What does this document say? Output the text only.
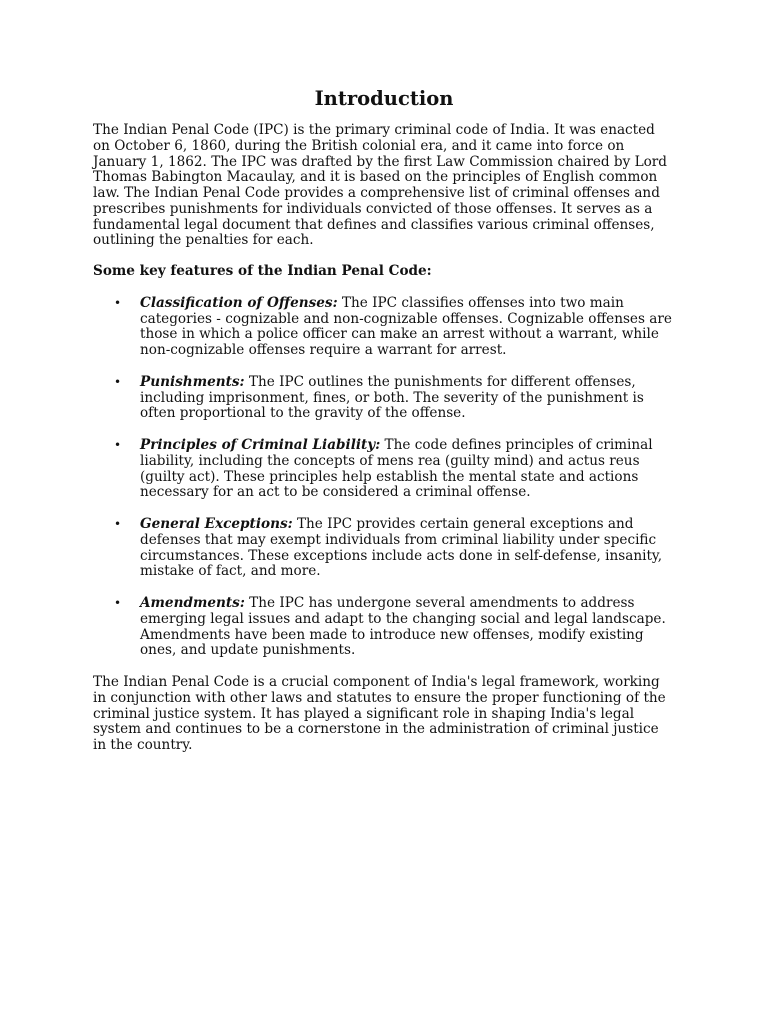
Introduction

The Indian Penal Code (IPC) is the primary criminal code of India. It was enacted on October 6, 1860, during the British colonial era, and it came into force on January 1, 1862. The IPC was drafted by the first Law Commission chaired by Lord Thomas Babington Macaulay, and it is based on the principles of English common law. The Indian Penal Code provides a comprehensive list of criminal offenses and prescribes punishments for individuals convicted of those offenses. It serves as a fundamental legal document that defines and classifies various criminal offenses, outlining the penalties for each.

Some key features of the Indian Penal Code:

• Classification of Offenses: The IPC classifies offenses into two main categories - cognizable and non-cognizable offenses. Cognizable offenses are those in which a police officer can make an arrest without a warrant, while non-cognizable offenses require a warrant for arrest.
• Punishments: The IPC outlines the punishments for different offenses, including imprisonment, fines, or both. The severity of the punishment is often proportional to the gravity of the offense.
• Principles of Criminal Liability: The code defines principles of criminal liability, including the concepts of mens rea (guilty mind) and actus reus (guilty act). These principles help establish the mental state and actions necessary for an act to be considered a criminal offense.
• General Exceptions: The IPC provides certain general exceptions and defenses that may exempt individuals from criminal liability under specific circumstances. These exceptions include acts done in self-defense, insanity, mistake of fact, and more.
• Amendments: The IPC has undergone several amendments to address emerging legal issues and adapt to the changing social and legal landscape. Amendments have been made to introduce new offenses, modify existing ones, and update punishments.

The Indian Penal Code is a crucial component of India's legal framework, working in conjunction with other laws and statutes to ensure the proper functioning of the criminal justice system. It has played a significant role in shaping India's legal system and continues to be a cornerstone in the administration of criminal justice in the country.
